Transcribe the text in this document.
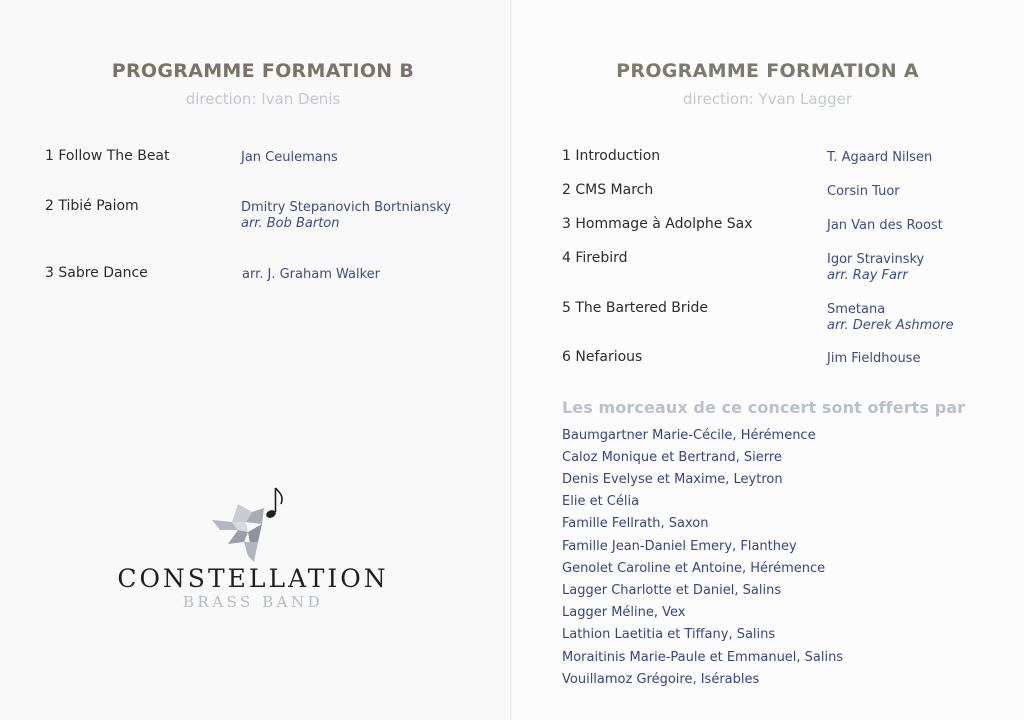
PROGRAMME FORMATION B
direction: Ivan Denis
1 Follow The Beat	Jan Ceulemans
2 Tibié Paiom	Dmitry Stepanovich Bortniansky
arr. Bob Barton
3 Sabre Dance	arr. J. Graham Walker
PROGRAMME FORMATION A
direction: Yvan Lagger
1 Introduction	T. Agaard Nilsen
2 CMS March	Corsin Tuor
3 Hommage à Adolphe Sax	Jan Van des Roost
4 Firebird	Igor Stravinsky
arr. Ray Farr
5 The Bartered Bride	Smetana
arr. Derek Ashmore
6 Nefarious	Jim Fieldhouse
Les morceaux de ce concert sont offerts par
Baumgartner Marie-Cécile, Hérémence
Caloz Monique et Bertrand, Sierre
Denis Evelyse et Maxime, Leytron
Elie et Célia
Famille Fellrath, Saxon
Famille Jean-Daniel Emery, Flanthey
Genolet Caroline et Antoine, Hérémence
Lagger Charlotte et Daniel, Salins
Lagger Méline, Vex
Lathion Laetitia et Tiffany, Salins
Moraitinis Marie-Paule et Emmanuel, Salins
Vouillamoz Grégoire, Isérables
CONSTELLATION
BRASS BAND
